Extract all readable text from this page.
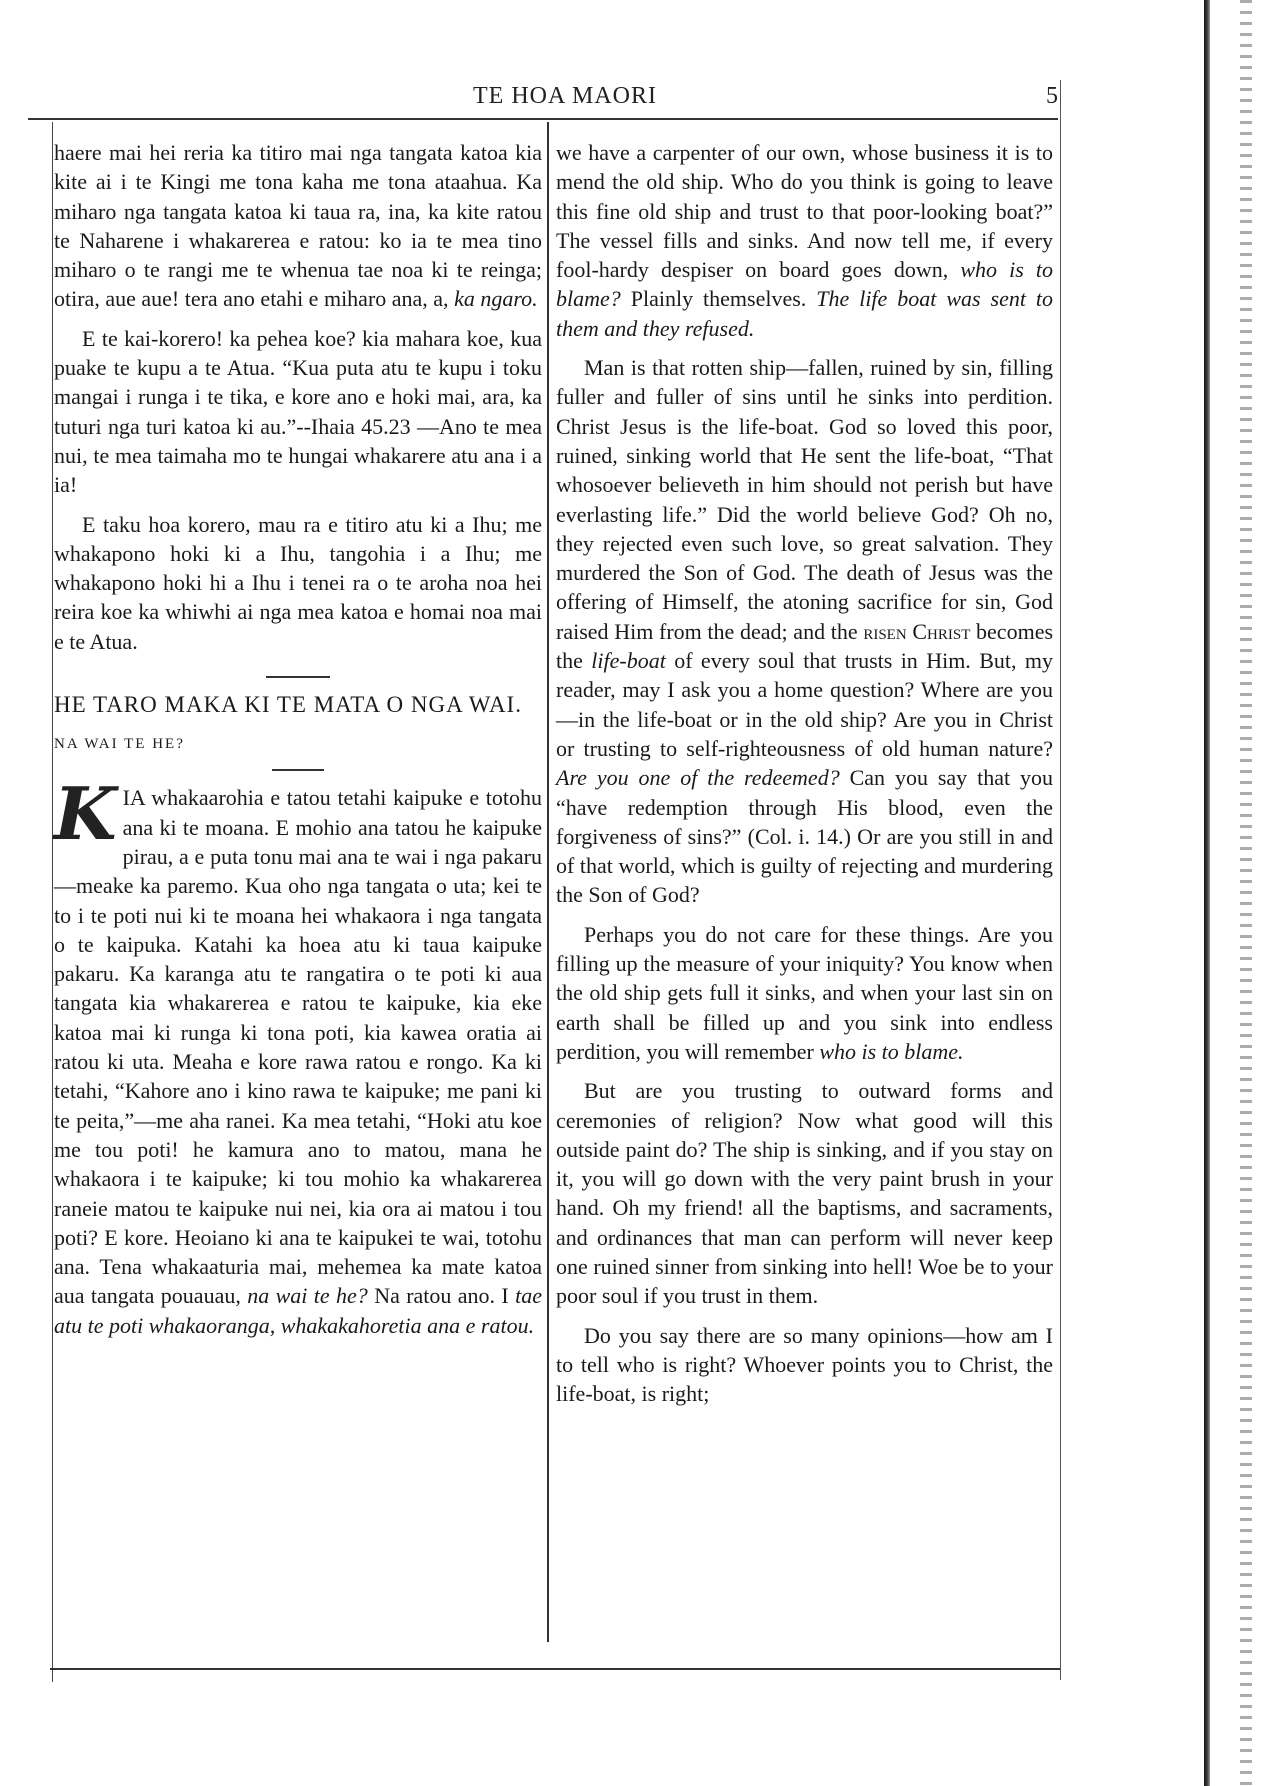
TE HOA MAORI	5

haere mai hei reria ka titiro mai nga tangata katoa kia kite ai i te Kingi me tona kaha me tona ataahua. Ka miharo nga tangata katoa ki taua ra, ina, ka kite ratou te Naharene i whakarerea e ratou: ko ia te mea tino miharo o te rangi me te whenua tae noa ki te reinga; otira, aue aue! tera ano etahi e miharo ana, a, ka ngaro.

E te kai-korero! ka pehea koe? kia mahara koe, kua puake te kupu a te Atua. “Kua puta atu te kupu i toku mangai i runga i te tika, e kore ano e hoki mai, ara, ka tuturi nga turi katoa ki au.”--Ihaia 45.23 —Ano te mea nui, te mea taimaha mo te hungai whakarere atu ana i a ia!

E taku hoa korero, mau ra e titiro atu ki a Ihu; me whakapono hoki ki a Ihu, tangohia i a Ihu; me whakapono hoki hi a Ihu i tenei ra o te aroha noa hei reira koe ka whiwhi ai nga mea katoa e homai noa mai e te Atua.

HE TARO MAKA KI TE MATA O NGA WAI.

NA WAI TE HE?

KIA whakaarohia e tatou tetahi kaipuke e totohu ana ki te moana. E mohio ana tatou he kaipuke pirau, a e puta tonu mai ana te wai i nga pakaru—meake ka paremo. Kua oho nga tangata o uta; kei te to i te poti nui ki te moana hei whakaora i nga tangata o te kaipuka. Katahi ka hoea atu ki taua kaipuke pakaru. Ka karanga atu te rangatira o te poti ki aua tangata kia whakarerea e ratou te kaipuke, kia eke katoa mai ki runga ki tona poti, kia kawea oratia ai ratou ki uta. Meaha e kore rawa ratou e rongo. Ka ki tetahi, “Kahore ano i kino rawa te kaipuke; me pani ki te peita,”—me aha ranei. Ka mea tetahi, “Hoki atu koe me tou poti! he kamura ano to matou, mana he whakaora i te kaipuke; ki tou mohio ka whakarerea raneie matou te kaipuke nui nei, kia ora ai matou i tou poti? E kore. Heoiano ki ana te kaipukei te wai, totohu ana. Tena whakaaturia mai, mehemea ka mate katoa aua tangata pouauau, na wai te he? Na ratou ano. I tae atu te poti whakaoranga, whakakahoretia ana e ratou.

we have a carpenter of our own, whose business it is to mend the old ship. Who do you think is going to leave this fine old ship and trust to that poor-looking boat?” The vessel fills and sinks. And now tell me, if every fool-hardy despiser on board goes down, who is to blame? Plainly themselves. The life boat was sent to them and they refused.

Man is that rotten ship—fallen, ruined by sin, filling fuller and fuller of sins until he sinks into perdition. Christ Jesus is the life-boat. God so loved this poor, ruined, sinking world that He sent the life-boat, “That whosoever believeth in him should not perish but have everlasting life.” Did the world believe God? Oh no, they rejected even such love, so great salvation. They murdered the Son of God. The death of Jesus was the offering of Himself, the atoning sacrifice for sin, God raised Him from the dead; and the risen Christ becomes the life-boat of every soul that trusts in Him. But, my reader, may I ask you a home question? Where are you—in the life-boat or in the old ship? Are you in Christ or trusting to self-righteousness of old human nature? Are you one of the redeemed? Can you say that you “have redemption through His blood, even the forgiveness of sins?” (Col. i. 14.) Or are you still in and of that world, which is guilty of rejecting and murdering the Son of God?

Perhaps you do not care for these things. Are you filling up the measure of your iniquity? You know when the old ship gets full it sinks, and when your last sin on earth shall be filled up and you sink into endless perdition, you will remember who is to blame.

But are you trusting to outward forms and ceremonies of religion? Now what good will this outside paint do? The ship is sinking, and if you stay on it, you will go down with the very paint brush in your hand. Oh my friend! all the baptisms, and sacraments, and ordinances that man can perform will never keep one ruined sinner from sinking into hell! Woe be to your poor soul if you trust in them.

Do you say there are so many opinions—how am I to tell who is right? Whoever points you to Christ, the life-boat, is right;
